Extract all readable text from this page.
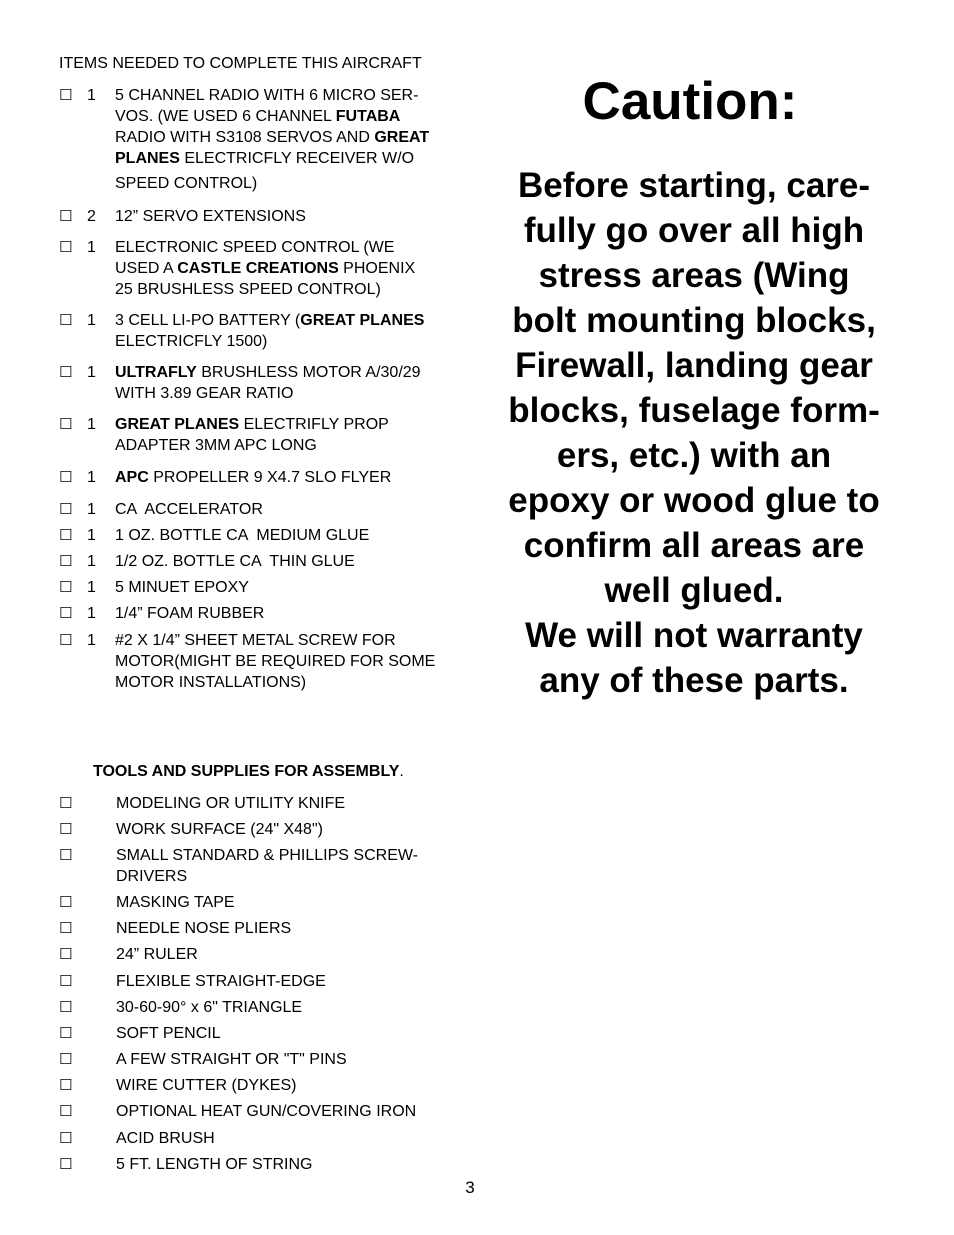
ITEMS NEEDED TO COMPLETE THIS AIRCRAFT
☐ 1 5 CHANNEL RADIO WITH 6 MICRO SER-
VOS. (WE USED 6 CHANNEL FUTABA
RADIO WITH S3108 SERVOS AND GREAT
PLANES ELECTRICFLY RECEIVER W/O
SPEED CONTROL)
☐ 2 12” SERVO EXTENSIONS
☐ 1 ELECTRONIC SPEED CONTROL (WE
USED A CASTLE CREATIONS PHOENIX
25 BRUSHLESS SPEED CONTROL)
☐ 1 3 CELL LI-PO BATTERY (GREAT PLANES
ELECTRICFLY 1500)
☐ 1 ULTRAFLY BRUSHLESS MOTOR A/30/29
WITH 3.89 GEAR RATIO
☐ 1 GREAT PLANES ELECTRIFLY PROP
ADAPTER 3MM APC LONG
☐ 1 APC PROPELLER 9 X4.7 SLO FLYER
☐ 1 CA  ACCELERATOR
☐ 1 1 OZ. BOTTLE CA  MEDIUM GLUE
☐ 1 1/2 OZ. BOTTLE CA  THIN GLUE
☐ 1 5 MINUET EPOXY
☐ 1 1/4” FOAM RUBBER
☐ 1 #2 X 1/4” SHEET METAL SCREW FOR
MOTOR(MIGHT BE REQUIRED FOR SOME
MOTOR INSTALLATIONS)
TOOLS AND SUPPLIES FOR ASSEMBLY.
☐	MODELING OR UTILITY KNIFE
☐	WORK SURFACE (24" X48")
☐	SMALL STANDARD & PHILLIPS SCREW-
DRIVERS
☐	MASKING TAPE
☐	NEEDLE NOSE PLIERS
☐	24” RULER
☐	FLEXIBLE STRAIGHT-EDGE
☐	30-60-90° x 6" TRIANGLE
☐	SOFT PENCIL
☐	A FEW STRAIGHT OR "T" PINS
☐	WIRE CUTTER (DYKES)
☐	OPTIONAL HEAT GUN/COVERING IRON
☐	ACID BRUSH
☐	5 FT. LENGTH OF STRING
Caution:
Before starting, care-
fully go over all high
stress areas (Wing
bolt mounting blocks,
Firewall, landing gear
blocks, fuselage form-
ers, etc.) with an
epoxy or wood glue to
confirm all areas are
well glued.
We will not warranty
any of these parts.
3
